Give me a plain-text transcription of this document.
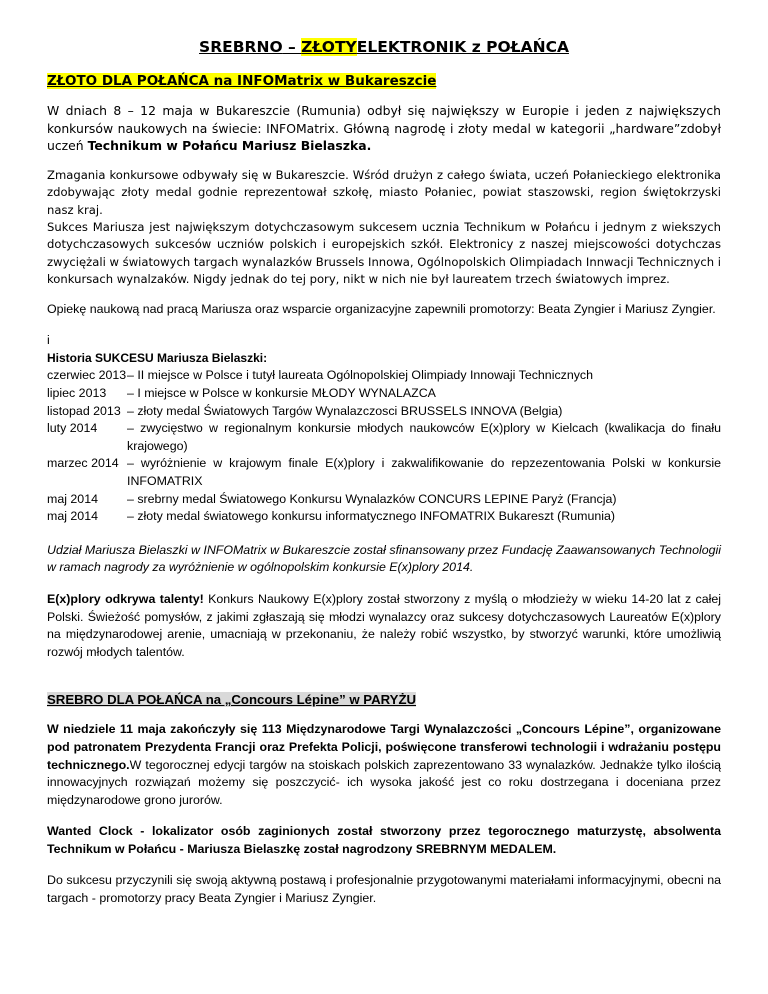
SREBRNO – ZŁOTYELEKTRONIK z POŁAŃCA
ZŁOTO DLA POŁAŃCA na INFOMatrix w Bukareszcie

W dniach 8 – 12 maja w Bukareszcie (Rumunia) odbył się największy w Europie i jeden z największych konkursów naukowych na świecie: INFOMatrix. Główną nagrodę i złoty medal w kategorii „hardware”zdobył uczeń Technikum w Połańcu Mariusz Bielaszka.

Zmagania konkursowe odbywały się w Bukareszcie. Wśród drużyn z całego świata, uczeń Połanieckiego elektronika zdobywając złoty medal godnie reprezentował szkołę, miasto Połaniec, powiat staszowski, region świętokrzyski nasz kraj.

Sukces Mariusza jest największym dotychczasowym sukcesem ucznia Technikum w Połańcu i jednym z wiekszych dotychczasowych sukcesów uczniów polskich i europejskich szkół. Elektronicy z naszej miejscowości dotychczas zwyciężali w światowych targach wynalazków Brussels Innowa, Ogólnopolskich Olimpiadach Innwacji Technicznych i konkursach wynalzaków. Nigdy jednak do tej pory, nikt w nich nie był laureatem trzech światowych imprez.

Opiekę naukową nad pracą Mariusza oraz wsparcie organizacyjne zapewnili promotorzy: Beata Zyngier i Mariusz Zyngier.

i
Historia SUKCESU Mariusza Bielaszki:
czerwiec 2013 – II miejsce w Polsce i tutył laureata Ogólnopolskiej Olimpiady Innowaji Technicznych
lipiec 2013	– I miejsce w Polsce w konkursie MŁODY WYNALAZCA
listopad 2013 – złoty medal Światowych Targów Wynalazczosci BRUSSELS INNOVA (Belgia)
luty 2014	– zwycięstwo w regionalnym konkursie młodych naukowców E(x)plory w Kielcach (kwalikacja do finału krajowego)
marzec 2014 – wyróżnienie w krajowym finale E(x)plory i zakwalifikowanie do repzezentowania Polski w konkursie INFOMATRIX
maj 2014	– srebrny medal Światowego Konkursu Wynalazków CONCURS LEPINE Paryż (Francja)
maj 2014	– złoty medal światowego konkursu informatycznego INFOMATRIX Bukareszt (Rumunia)

Udział Mariusza Bielaszki w INFOMatrix w Bukareszcie został sfinansowany przez Fundację Zaawansowanych Technologii w ramach nagrody za wyróżnienie w ogólnopolskim konkursie E(x)plory 2014.

E(x)plory odkrywa talenty! Konkurs Naukowy E(x)plory został stworzony z myślą o młodzieży w wieku 14-20 lat z całej Polski. Świeżość pomysłów, z jakimi zgłaszają się młodzi wynalazcy oraz sukcesy dotychczasowych Laureatów E(x)plory na międzynarodowej arenie, umacniają w przekonaniu, że należy robić wszystko, by stworzyć warunki, które umożliwią rozwój młodych talentów.

SREBRO DLA POŁAŃCA na „Concours Lépine” w PARYŻU

W niedziele 11 maja zakończyły się 113 Międzynarodowe Targi Wynalazczości „Concours Lépine”, organizowane pod patronatem Prezydenta Francji oraz Prefekta Policji, poświęcone transferowi technologii i wdrażaniu postępu technicznego.W tegorocznej edycji targów na stoiskach polskich zaprezentowano 33 wynalazków. Jednakże tylko ilością innowacyjnych rozwiązań możemy się poszczycić- ich wysoka jakość jest co roku dostrzegana i doceniana przez międzynarodowe grono jurorów.

Wanted Clock - lokalizator osób zaginionych został stworzony przez tegorocznego maturzystę, absolwenta Technikum w Połańcu - Mariusza Bielaszkę został nagrodzony SREBRNYM MEDALEM.

Do sukcesu przyczynili się swoją aktywną postawą i profesjonalnie przygotowanymi materiałami informacyjnymi, obecni na targach - promotorzy pracy Beata Zyngier i Mariusz Zyngier.
